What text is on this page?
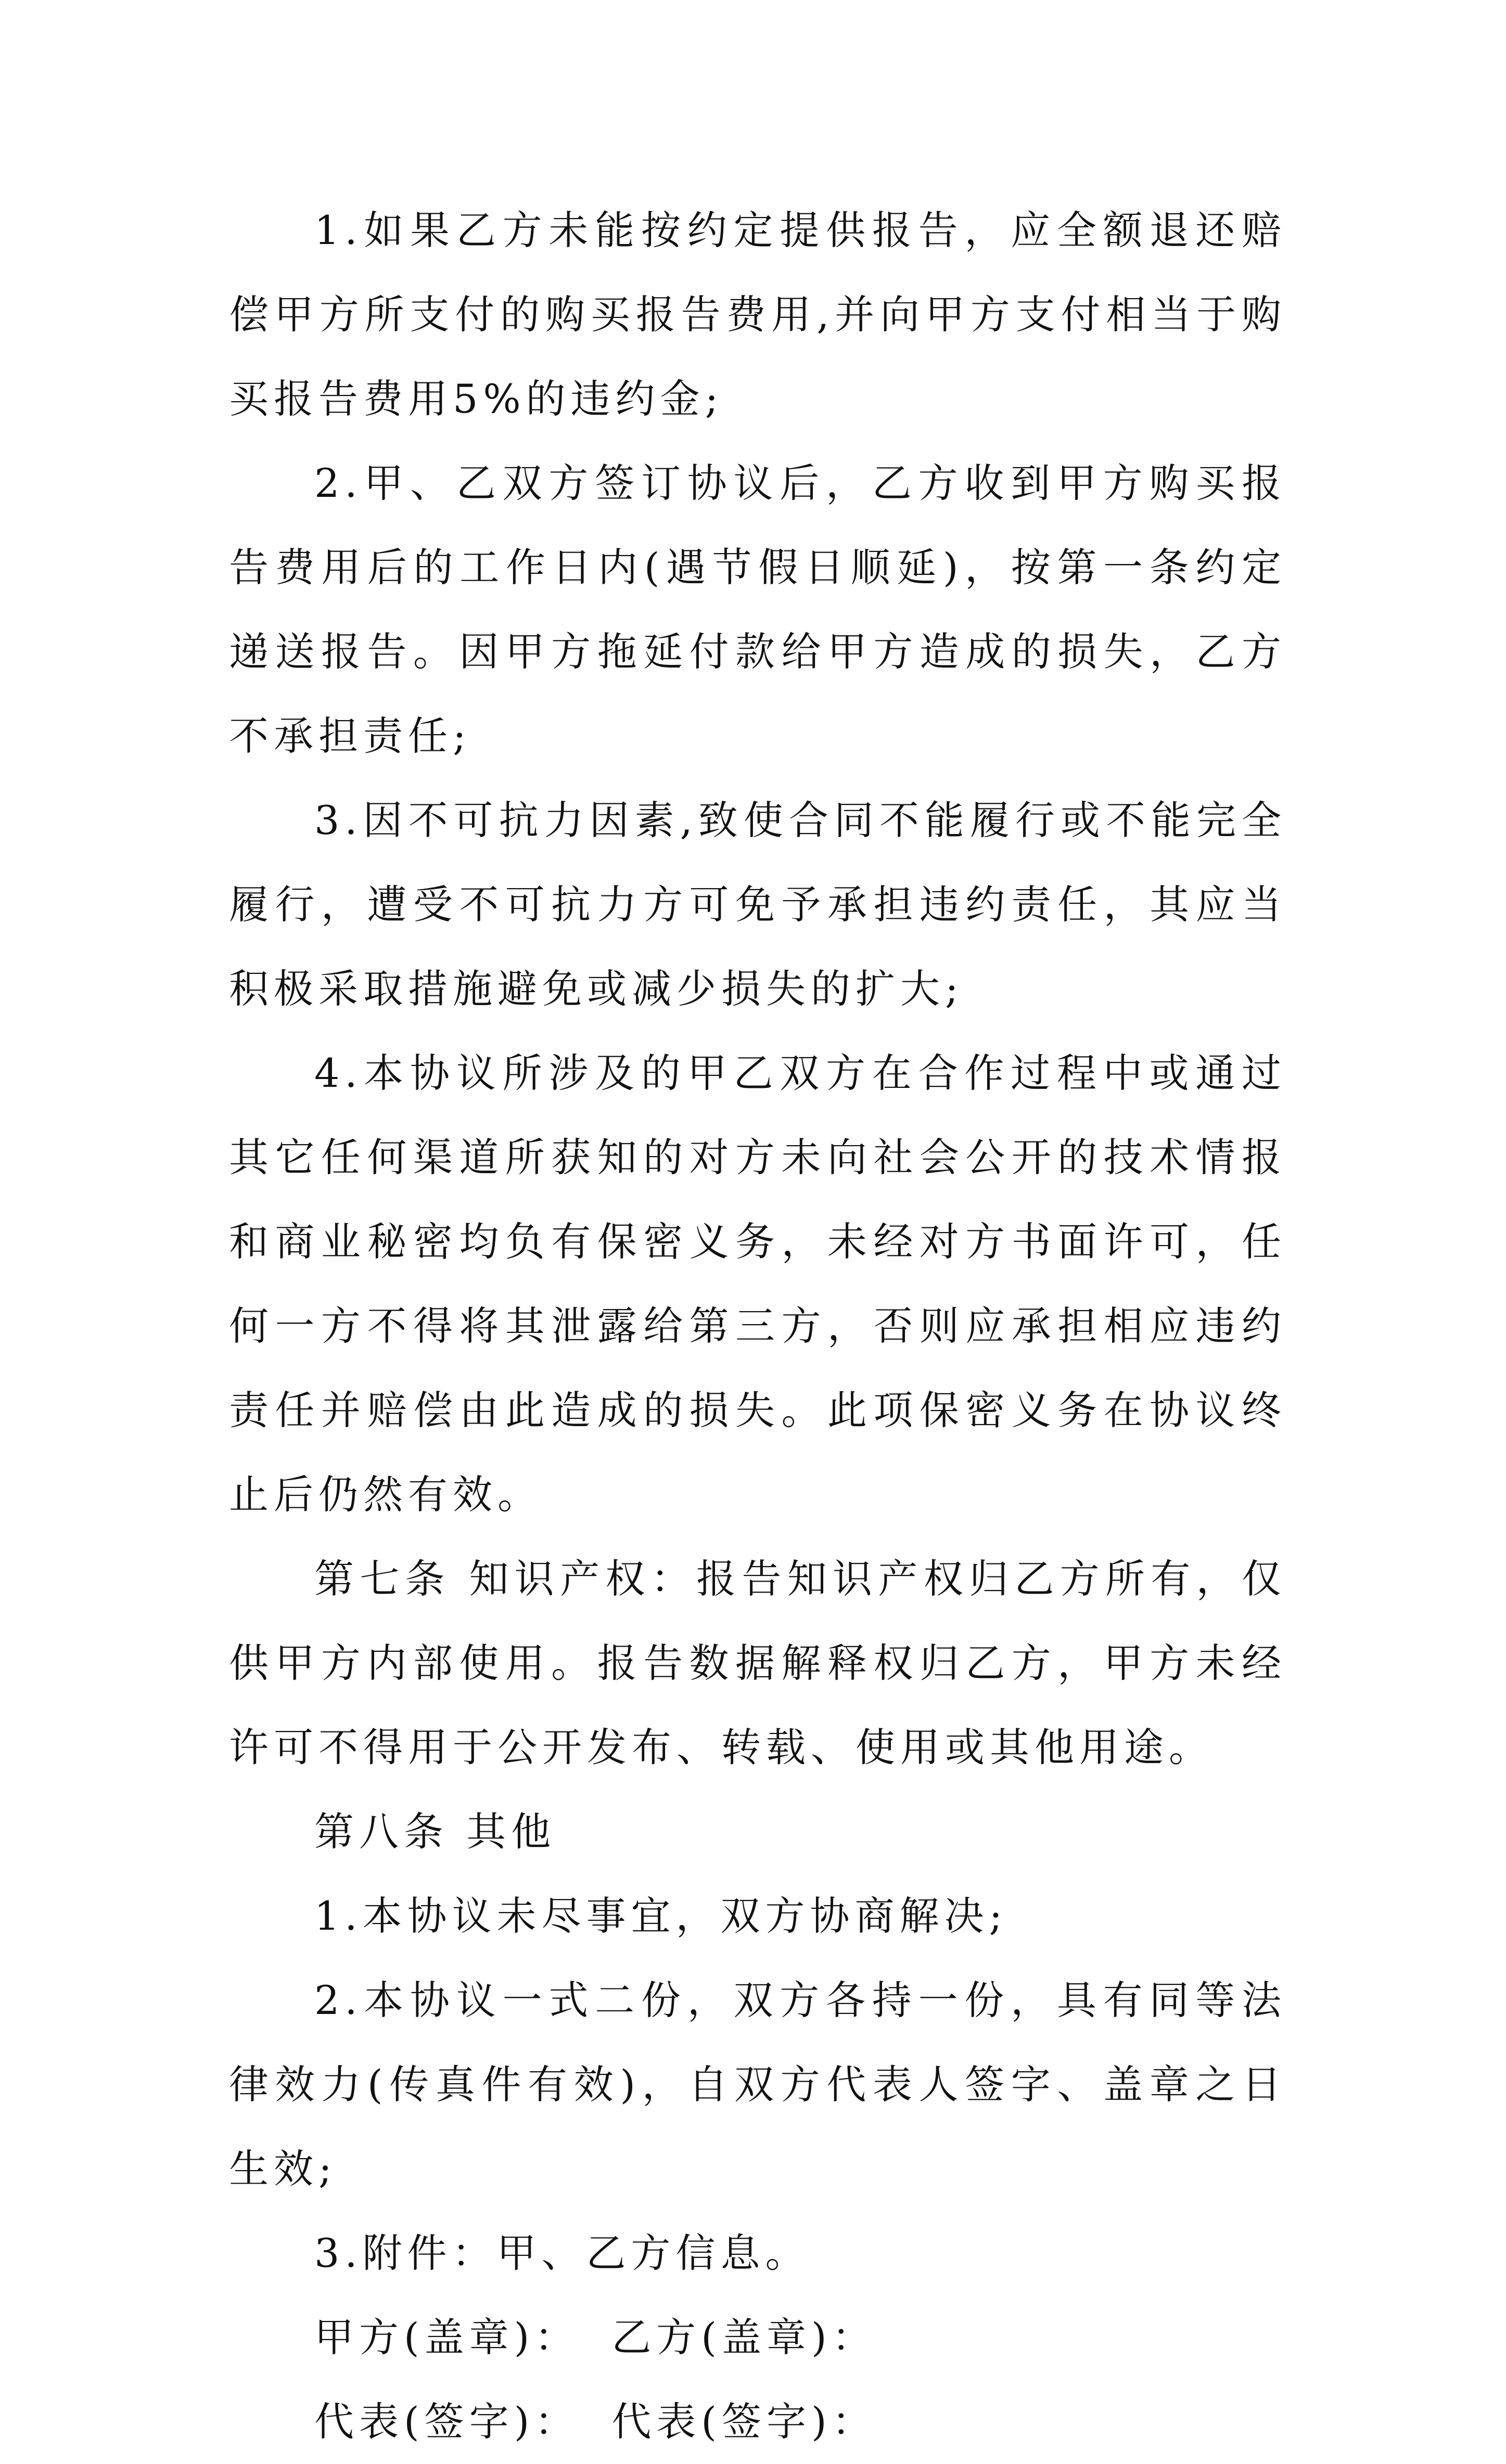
1.如果乙方未能按约定提供报告，应全额退还赔偿甲方所支付的购买报告费用,并向甲方支付相当于购买报告费用5%的违约金;

2.甲、乙双方签订协议后，乙方收到甲方购买报告费用后的工作日内(遇节假日顺延)，按第一条约定递送报告。因甲方拖延付款给甲方造成的损失，乙方不承担责任;

3.因不可抗力因素,致使合同不能履行或不能完全履行，遭受不可抗力方可免予承担违约责任，其应当积极采取措施避免或减少损失的扩大;

4.本协议所涉及的甲乙双方在合作过程中或通过其它任何渠道所获知的对方未向社会公开的技术情报和商业秘密均负有保密义务，未经对方书面许可，任何一方不得将其泄露给第三方，否则应承担相应违约责任并赔偿由此造成的损失。此项保密义务在协议终止后仍然有效。

第七条 知识产权：报告知识产权归乙方所有，仅供甲方内部使用。报告数据解释权归乙方，甲方未经许可不得用于公开发布、转载、使用或其他用途。

第八条 其他

1.本协议未尽事宜，双方协商解决;

2.本协议一式二份，双方各持一份，具有同等法律效力(传真件有效)，自双方代表人签字、盖章之日生效;

3.附件：甲、乙方信息。

甲方(盖章)： 乙方(盖章)：

代表(签字)： 代表(签字)：
